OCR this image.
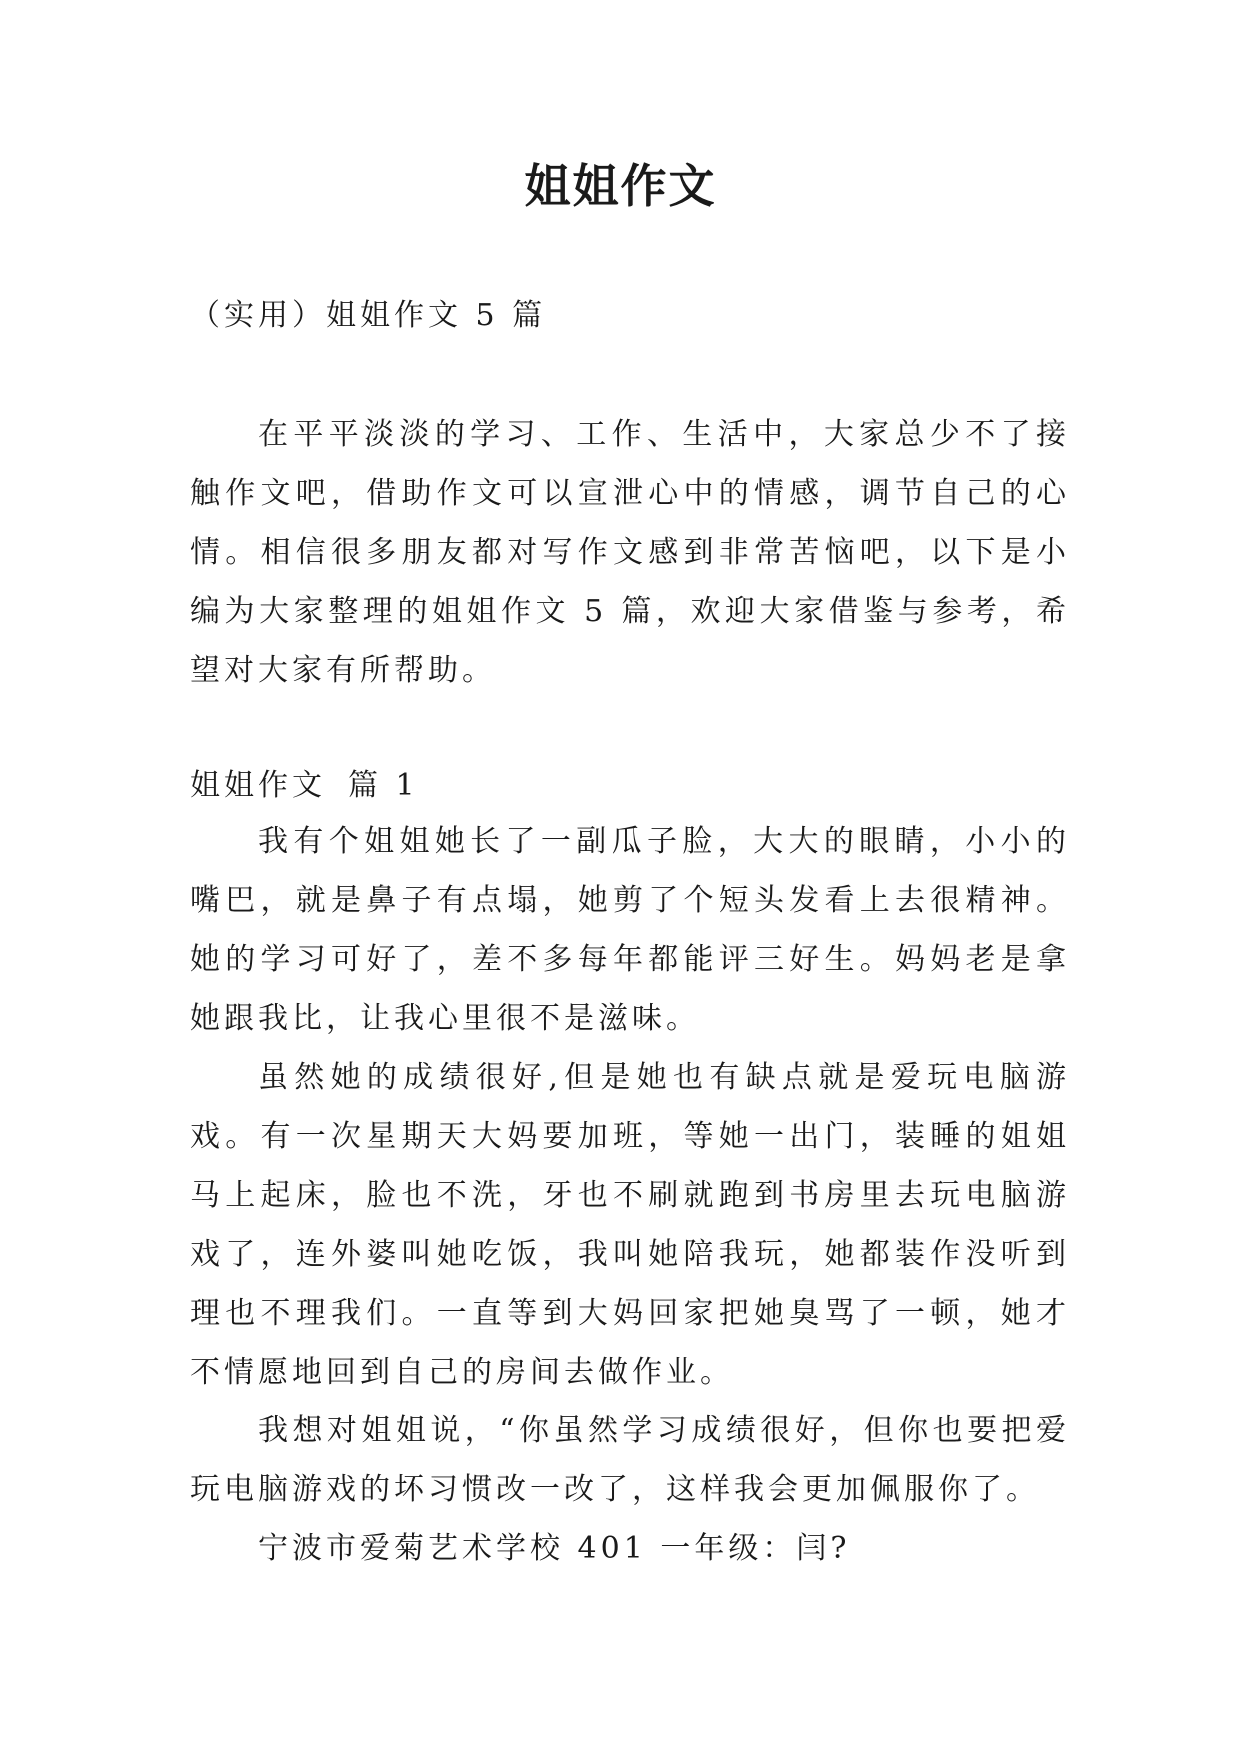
姐姐作文

（实用）姐姐作文 5 篇

在平平淡淡的学习、工作、生活中，大家总少不了接触作文吧，借助作文可以宣泄心中的情感，调节自己的心情。相信很多朋友都对写作文感到非常苦恼吧，以下是小编为大家整理的姐姐作文 5 篇，欢迎大家借鉴与参考，希望对大家有所帮助。

姐姐作文 篇 1

我有个姐姐她长了一副瓜子脸，大大的眼睛，小小的嘴巴，就是鼻子有点塌，她剪了个短头发看上去很精神。她的学习可好了，差不多每年都能评三好生。妈妈老是拿她跟我比，让我心里很不是滋味。

虽然她的成绩很好,但是她也有缺点就是爱玩电脑游戏。有一次星期天大妈要加班，等她一出门，装睡的姐姐马上起床，脸也不洗，牙也不刷就跑到书房里去玩电脑游戏了，连外婆叫她吃饭，我叫她陪我玩，她都装作没听到理也不理我们。一直等到大妈回家把她臭骂了一顿，她才不情愿地回到自己的房间去做作业。

我想对姐姐说，“你虽然学习成绩很好，但你也要把爱玩电脑游戏的坏习惯改一改了，这样我会更加佩服你了。

宁波市爱菊艺术学校 401 一年级：闫?
